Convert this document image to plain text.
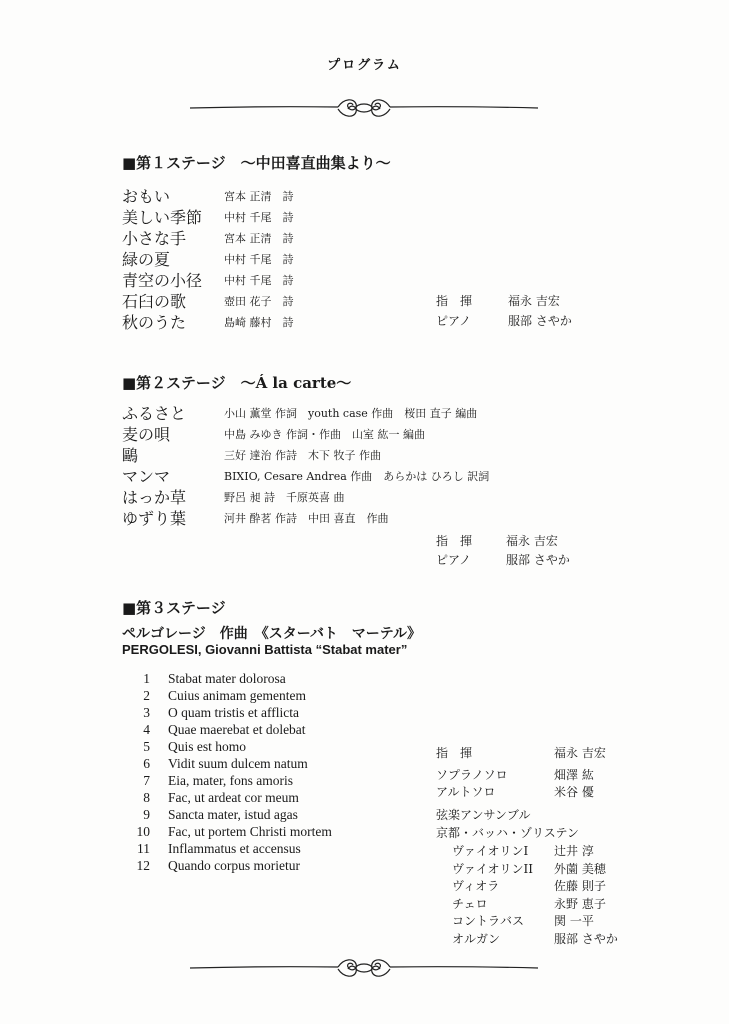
プログラム
■第１ステージ　～中田喜直曲集より～
おもい	宮本 正清　詩
美しい季節 中村 千尾　詩
小さな手	宮本 正清　詩
緑の夏	中村 千尾　詩
青空の小径 中村 千尾　詩
石臼の歌	壺田 花子　詩
秋のうた	島崎 藤村　詩
指　揮	福永 吉宏
ピアノ	服部 さやか
■第２ステージ　～Á la carte～
ふるさと	小山 薫堂 作詞　youth case 作曲　桜田 直子 編曲
麦の唄	中島 みゆき 作詞・作曲　山室 紘一 編曲
鷗	三好 達治 作詩　木下 牧子 作曲
マンマ	BIXIO, Cesare Andrea 作曲　あらかは ひろし 訳詞
はっか草	野呂 昶 詩　千原英喜 曲
ゆずり葉	河井 酔茗 作詩　中田 喜直　作曲
指　揮	福永 吉宏
ピアノ	服部 さやか
■第３ステージ
ペルゴレージ　作曲　《スターバト　マーテル》
PERGOLESI, Giovanni Battista “Stabat mater”
1 Stabat mater dolorosa
2 Cuius animam gementem
3 O quam tristis et afflicta
4 Quae maerebat et dolebat
5 Quis est homo
6 Vidit suum dulcem natum
7 Eia, mater, fons amoris
8 Fac, ut ardeat cor meum
9 Sancta mater, istud agas
10 Fac, ut portem Christi mortem
11 Inflammatus et accensus
12 Quando corpus morietur
指　揮	福永 吉宏
ソプラノソロ	畑澤 紘
アルトソロ	米谷 優
弦楽アンサンブル
京都・バッハ・ゾリステン
ヴァイオリンI 辻井 淳
ヴァイオリンII 外薗 美穂
ヴィオラ	佐藤 則子
チェロ	永野 恵子
コントラバス 関 一平
オルガン	服部 さやか
